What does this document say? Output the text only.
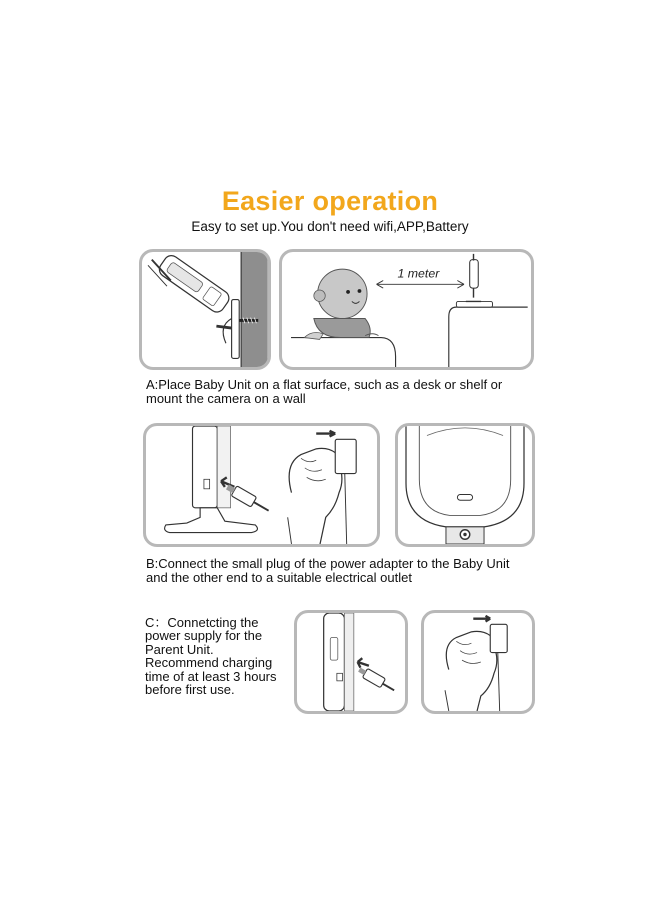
Easier operation
Easy to set up.You don't need wifi,APP,Battery
1 meter
A:Place Baby Unit on a flat surface, such as a desk or shelf or
mount the camera on a wall
B:Connect the small plug of the power adapter to the Baby Unit
and the other end to a suitable electrical outlet
C：Connetcting the
power supply for the
Parent Unit.
Recommend charging
time of at least 3 hours
before first use.
